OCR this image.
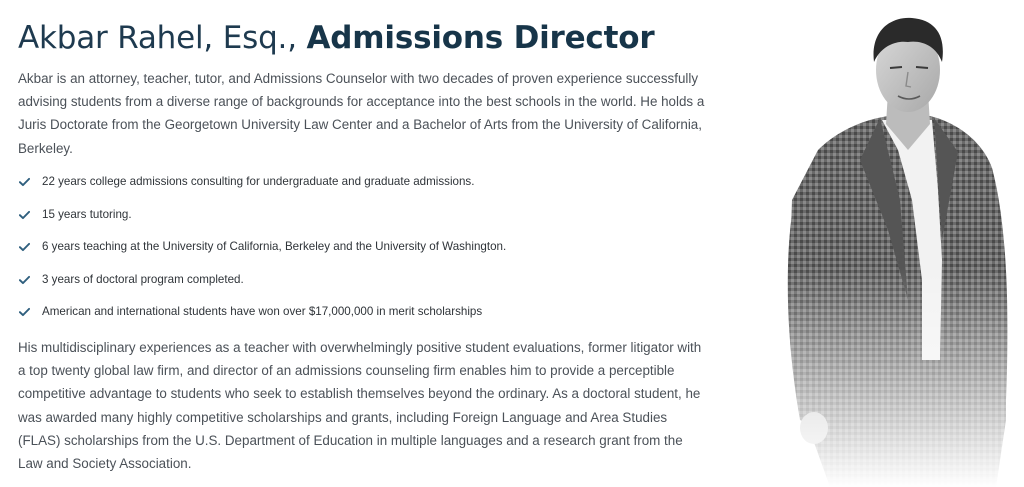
Akbar Rahel, Esq., Admissions Director

Akbar is an attorney, teacher, tutor, and Admissions Counselor with two decades of proven experience successfully advising students from a diverse range of backgrounds for acceptance into the best schools in the world. He holds a Juris Doctorate from the Georgetown University Law Center and a Bachelor of Arts from the University of California, Berkeley.

22 years college admissions consulting for undergraduate and graduate admissions.
15 years tutoring.
6 years teaching at the University of California, Berkeley and the University of Washington.
3 years of doctoral program completed.
American and international students have won over $17,000,000 in merit scholarships

His multidisciplinary experiences as a teacher with overwhelmingly positive student evaluations, former litigator with a top twenty global law firm, and director of an admissions counseling firm enables him to provide a perceptible competitive advantage to students who seek to establish themselves beyond the ordinary. As a doctoral student, he was awarded many highly competitive scholarships and grants, including Foreign Language and Area Studies (FLAS) scholarships from the U.S. Department of Education in multiple languages and a research grant from the Law and Society Association.
